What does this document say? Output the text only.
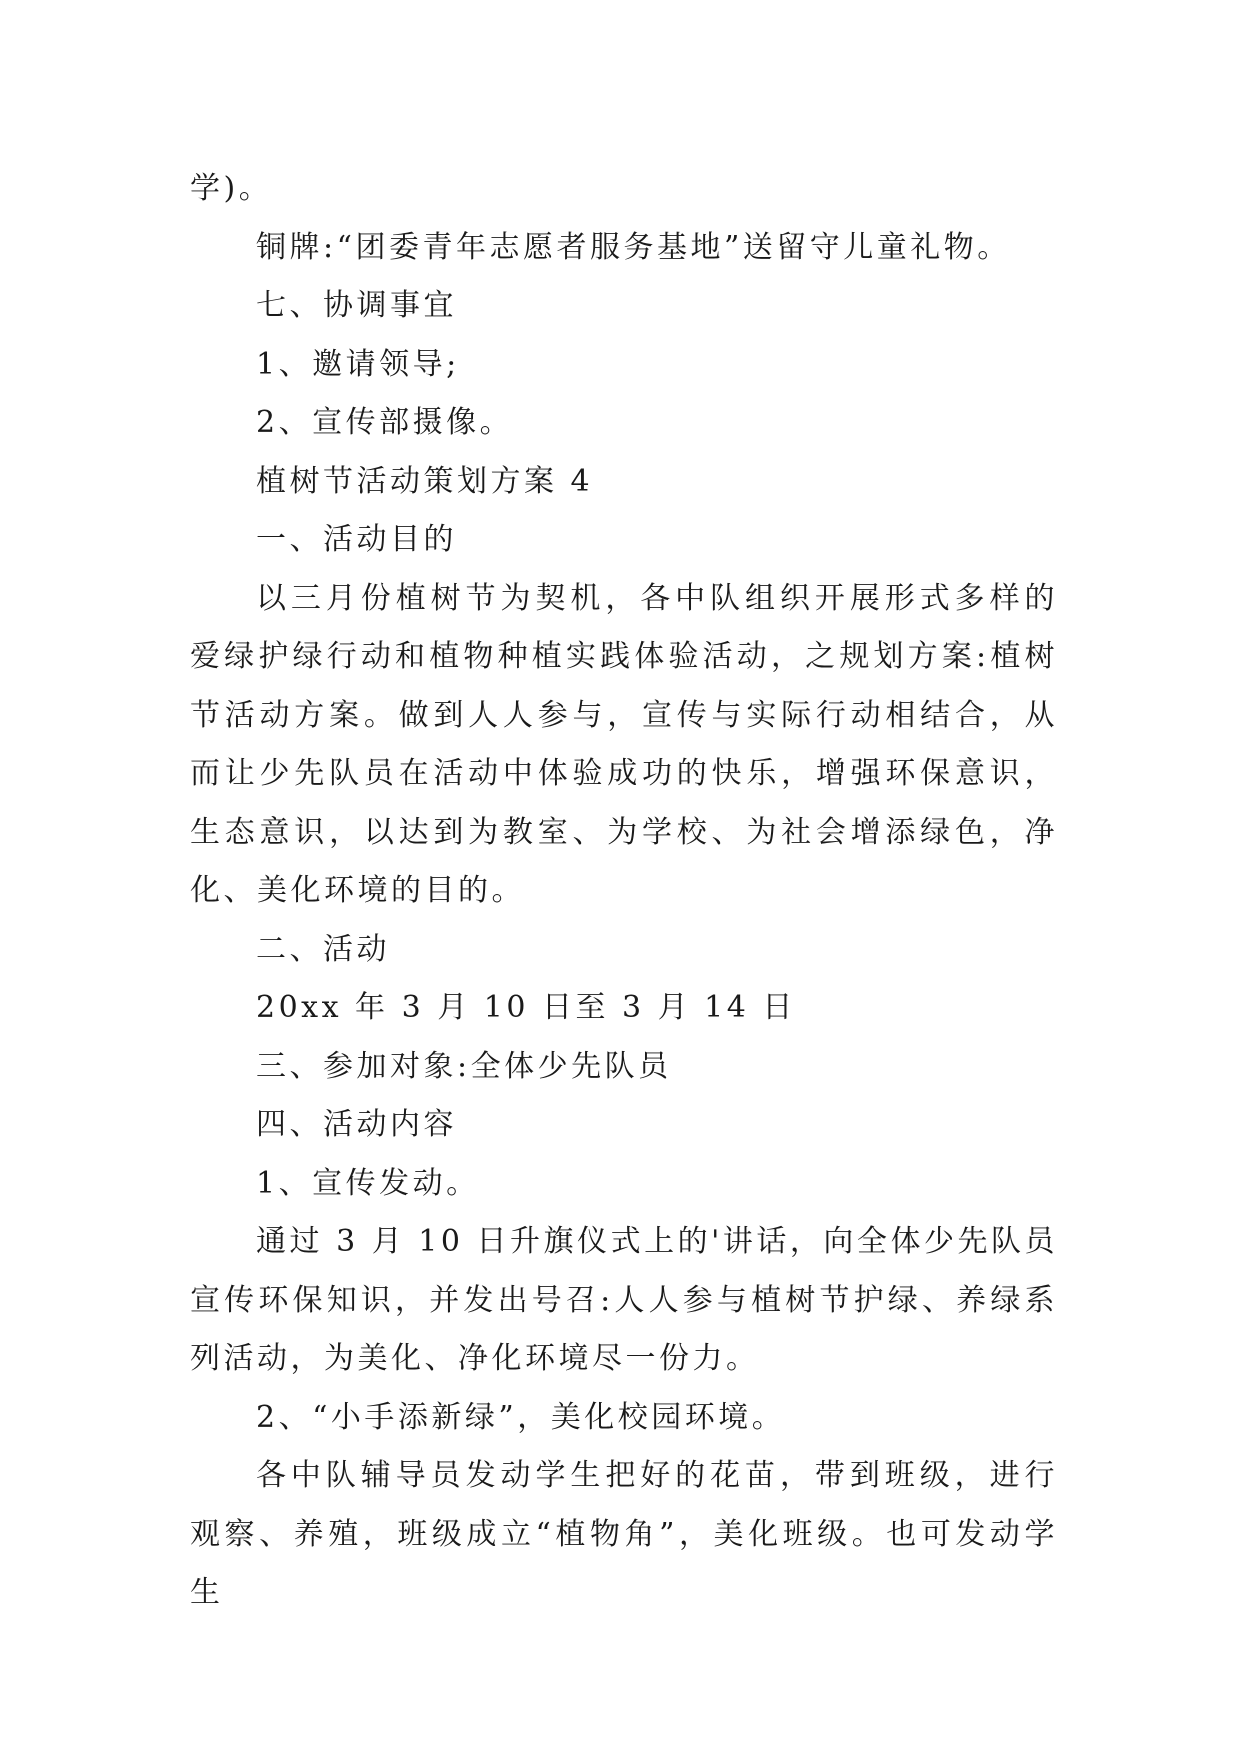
学)。

铜牌:“团委青年志愿者服务基地”送留守儿童礼物。

七、协调事宜

1、邀请领导;

2、宣传部摄像。

植树节活动策划方案 4

一、活动目的

以三月份植树节为契机，各中队组织开展形式多样的爱绿护绿行动和植物种植实践体验活动，之规划方案:植树节活动方案。做到人人参与，宣传与实际行动相结合，从而让少先队员在活动中体验成功的快乐，增强环保意识，生态意识，以达到为教室、为学校、为社会增添绿色，净化、美化环境的目的。

二、活动

20xx 年 3 月 10 日至 3 月 14 日

三、参加对象:全体少先队员

四、活动内容

1、宣传发动。

通过 3 月 10 日升旗仪式上的'讲话，向全体少先队员宣传环保知识，并发出号召:人人参与植树节护绿、养绿系列活动，为美化、净化环境尽一份力。

2、“小手添新绿”，美化校园环境。

各中队辅导员发动学生把好的花苗，带到班级，进行观察、养殖，班级成立“植物角”，美化班级。也可发动学生
